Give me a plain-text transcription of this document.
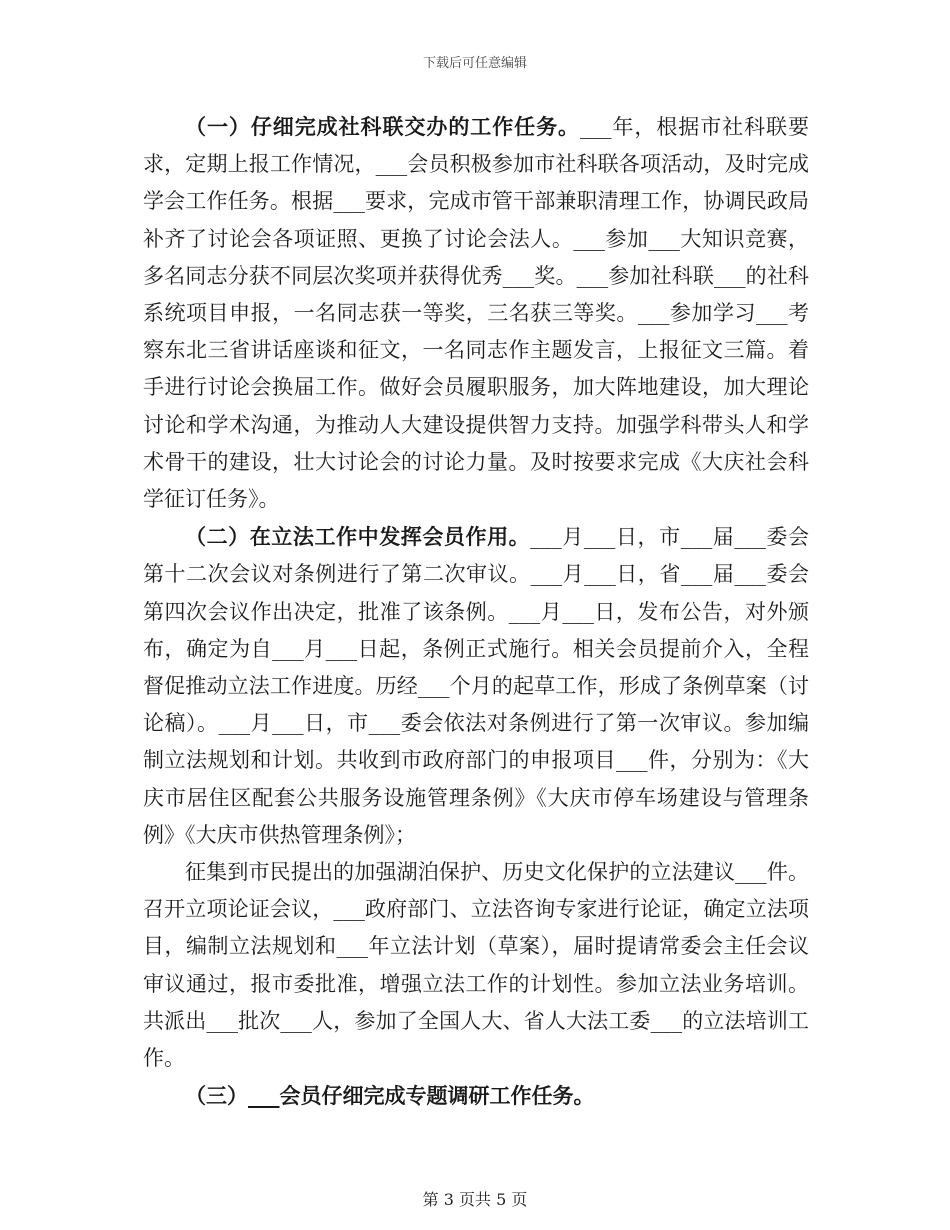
下载后可任意编辑

（一）仔细完成社科联交办的工作任务。___年，根据市社科联要求，定期上报工作情况，___会员积极参加市社科联各项活动，及时完成学会工作任务。根据___要求，完成市管干部兼职清理工作，协调民政局补齐了讨论会各项证照、更换了讨论会法人。___参加___大知识竞赛，多名同志分获不同层次奖项并获得优秀___奖。___参加社科联___的社科系统项目申报，一名同志获一等奖，三名获三等奖。___参加学习___考察东北三省讲话座谈和征文，一名同志作主题发言，上报征文三篇。着手进行讨论会换届工作。做好会员履职服务，加大阵地建设，加大理论讨论和学术沟通，为推动人大建设提供智力支持。加强学科带头人和学术骨干的建设，壮大讨论会的讨论力量。及时按要求完成《大庆社会科学征订任务》。

（二）在立法工作中发挥会员作用。___月___日，市___届___委会第十二次会议对条例进行了第二次审议。___月___日，省___届___委会第四次会议作出决定，批准了该条例。___月___日，发布公告，对外颁布，确定为自___月___日起，条例正式施行。相关会员提前介入，全程督促推动立法工作进度。历经___个月的起草工作，形成了条例草案（讨论稿）。___月___日，市___委会依法对条例进行了第一次审议。参加编制立法规划和计划。共收到市政府部门的申报项目___件，分别为：《大庆市居住区配套公共服务设施管理条例》《大庆市停车场建设与管理条例》《大庆市供热管理条例》；

征集到市民提出的加强湖泊保护、历史文化保护的立法建议___件。召开立项论证会议，___政府部门、立法咨询专家进行论证，确定立法项目，编制立法规划和___年立法计划（草案），届时提请常委会主任会议审议通过，报市委批准，增强立法工作的计划性。参加立法业务培训。共派出___批次___人，参加了全国人大、省人大法工委___的立法培训工作。

（三）___会员仔细完成专题调研工作任务。

第 3 页共 5 页
